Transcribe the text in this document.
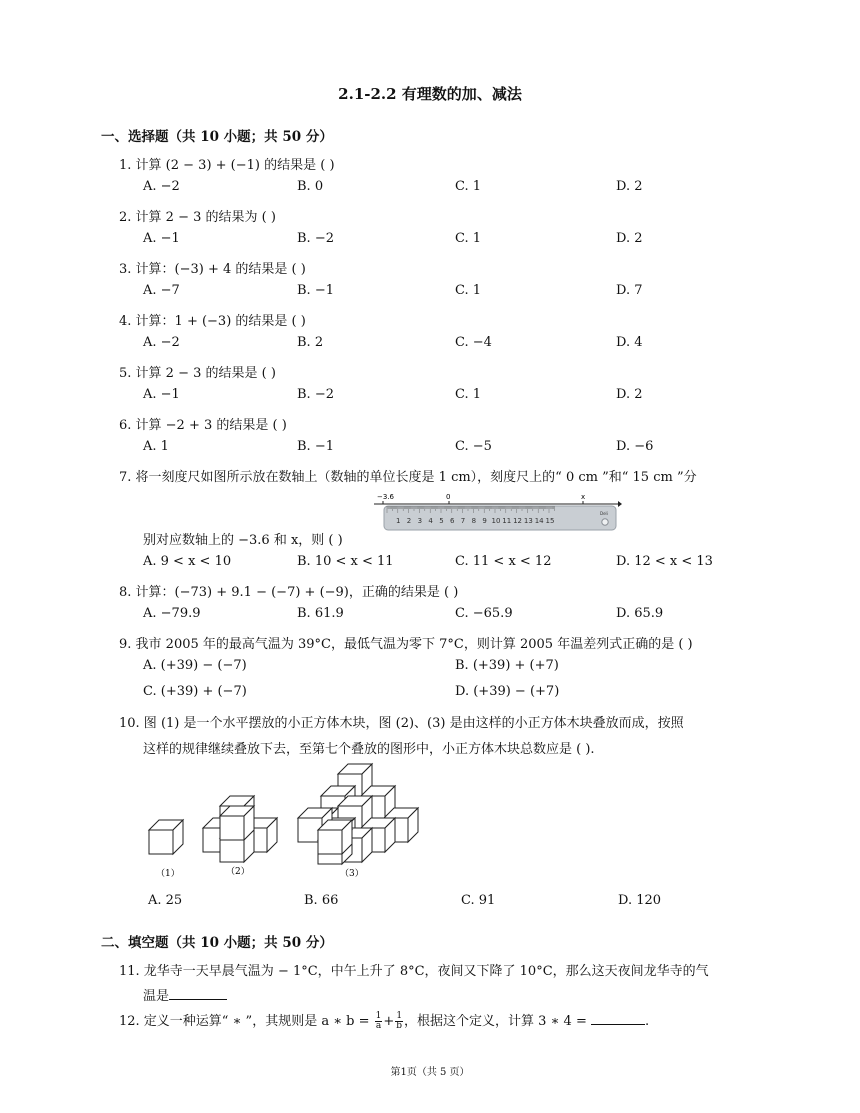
2.1-2.2 有理数的加、减法
一、选择题（共 10 小题；共 50 分）
1. 计算 (2 − 3) + (−1) 的结果是 ( )
A. −2	B. 0	C. 1	D. 2
2. 计算 2 − 3 的结果为 ( )
A. −1	B. −2	C. 1	D. 2
3. 计算：(−3) + 4 的结果是 ( )
A. −7	B. −1	C. 1	D. 7
4. 计算：1 + (−3) 的结果是 ( )
A. −2	B. 2	C. −4	D. 4
5. 计算 2 − 3 的结果是 ( )
A. −1	B. −2	C. 1	D. 2
6. 计算 −2 + 3 的结果是 ( )
A. 1	B. −1	C. −5	D. −6
7. 将一刻度尺如图所示放在数轴上（数轴的单位长度是 1 cm），刻度尺上的“ 0 cm ”和“ 15 cm ”分
−3.6	0	x
1 2 3 4 5 6 7 8 9 10 11 12 13 14 15
Deli
别对应数轴上的 −3.6 和 x，则 ( )
A. 9 < x < 10	B. 10 < x < 11	C. 11 < x < 12	D. 12 < x < 13
8. 计算：(−73) + 9.1 − (−7) + (−9)，正确的结果是 ( )
A. −79.9	B. 61.9	C. −65.9	D. 65.9
9. 我市 2005 年的最高气温为 39°C，最低气温为零下 7°C，则计算 2005 年温差列式正确的是 ( )
A. (+39) − (−7)	B. (+39) + (+7)
C. (+39) + (−7)	D. (+39) − (+7)
10. 图 (1) 是一个水平摆放的小正方体木块，图 (2)、(3) 是由这样的小正方体木块叠放而成，按照
这样的规律继续叠放下去，至第七个叠放的图形中，小正方体木块总数应是 ( ).
（1）	（2）	（3）
A. 25	B. 66	C. 91	D. 120
二、填空题（共 10 小题；共 50 分）
11. 龙华寺一天早晨气温为 − 1°C，中午上升了 8°C，夜间又下降了 10°C，那么这天夜间龙华寺的气
温是
12. 定义一种运算“ ∗ ”，其规则是 a ∗ $b = \frac{1}{a} + \frac{1}{b}$ ，根据这个定义，计算 3 ∗ 4 =	.
第1页（共 5 页）
